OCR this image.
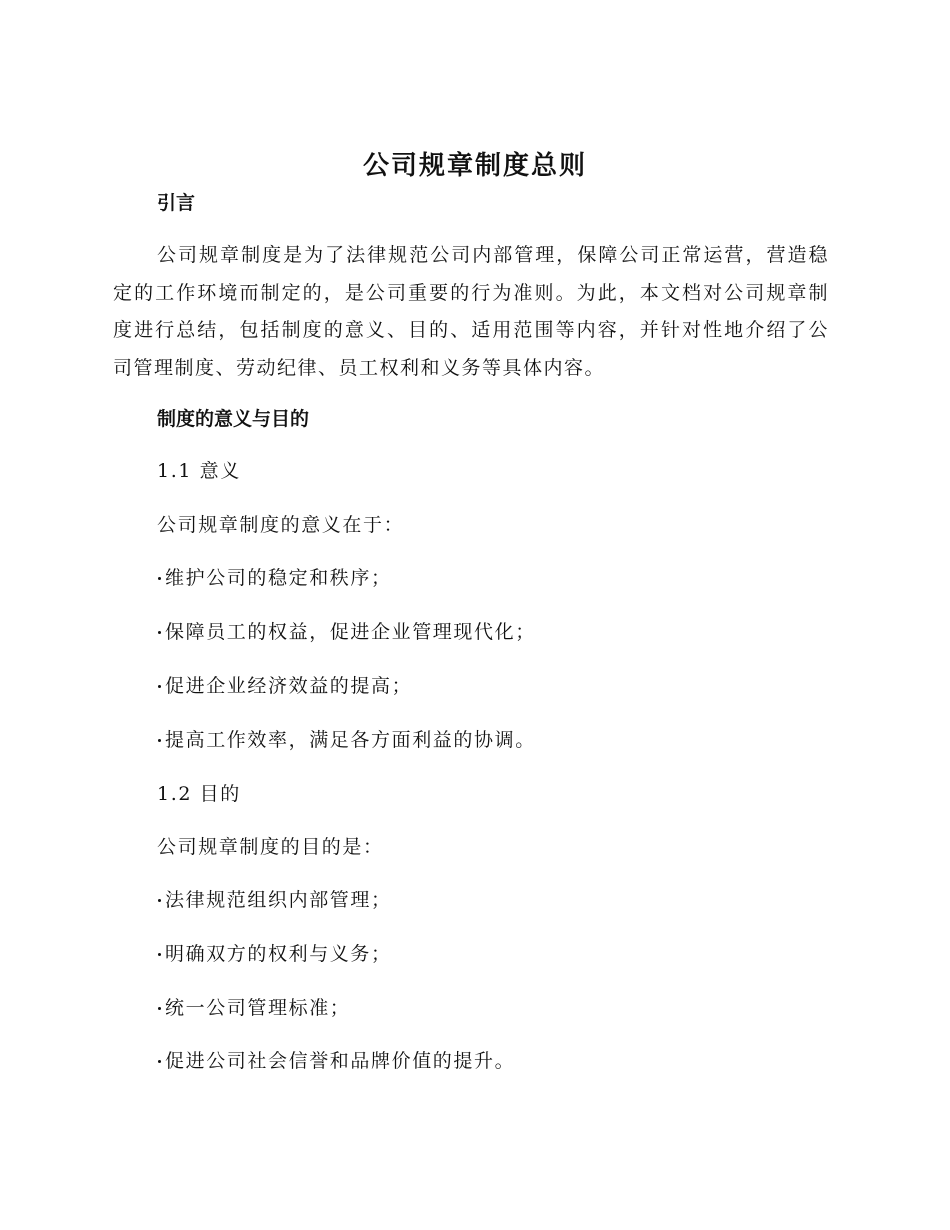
公司规章制度总则
引言

公司规章制度是为了法律规范公司内部管理，保障公司正常运营，营造稳定的工作环境而制定的，是公司重要的行为准则。为此，本文档对公司规章制度进行总结，包括制度的意义、目的、适用范围等内容，并针对性地介绍了公司管理制度、劳动纪律、员工权利和义务等具体内容。

制度的意义与目的

1.1 意义

公司规章制度的意义在于：

维护公司的稳定和秩序；

保障员工的权益，促进企业管理现代化；

促进企业经济效益的提高；

提高工作效率，满足各方面利益的协调。

1.2 目的

公司规章制度的目的是：

法律规范组织内部管理；

明确双方的权利与义务；

统一公司管理标准；

促进公司社会信誉和品牌价值的提升。
